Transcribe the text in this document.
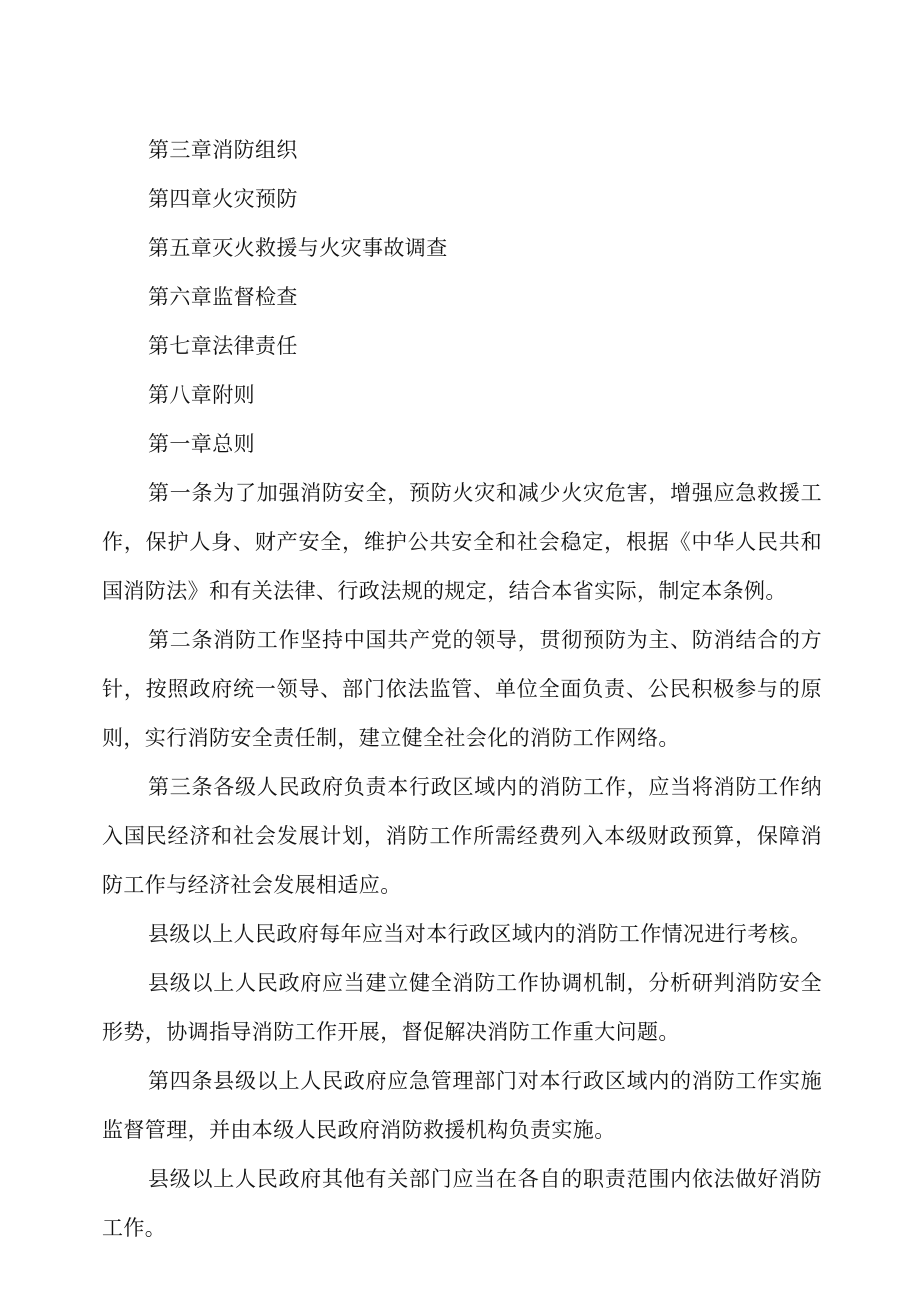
第三章消防组织
第四章火灾预防
第五章灭火救援与火灾事故调查
第六章监督检查
第七章法律责任
第八章附则
第一章总则

第一条为了加强消防安全，预防火灾和减少火灾危害，增强应急救援工作，保护人身、财产安全，维护公共安全和社会稳定，根据《中华人民共和国消防法》和有关法律、行政法规的规定，结合本省实际，制定本条例。

第二条消防工作坚持中国共产党的领导，贯彻预防为主、防消结合的方针，按照政府统一领导、部门依法监管、单位全面负责、公民积极参与的原则，实行消防安全责任制，建立健全社会化的消防工作网络。

第三条各级人民政府负责本行政区域内的消防工作，应当将消防工作纳入国民经济和社会发展计划，消防工作所需经费列入本级财政预算，保障消防工作与经济社会发展相适应。

县级以上人民政府每年应当对本行政区域内的消防工作情况进行考核。

县级以上人民政府应当建立健全消防工作协调机制，分析研判消防安全形势，协调指导消防工作开展，督促解决消防工作重大问题。

第四条县级以上人民政府应急管理部门对本行政区域内的消防工作实施监督管理，并由本级人民政府消防救援机构负责实施。

县级以上人民政府其他有关部门应当在各自的职责范围内依法做好消防工作。
